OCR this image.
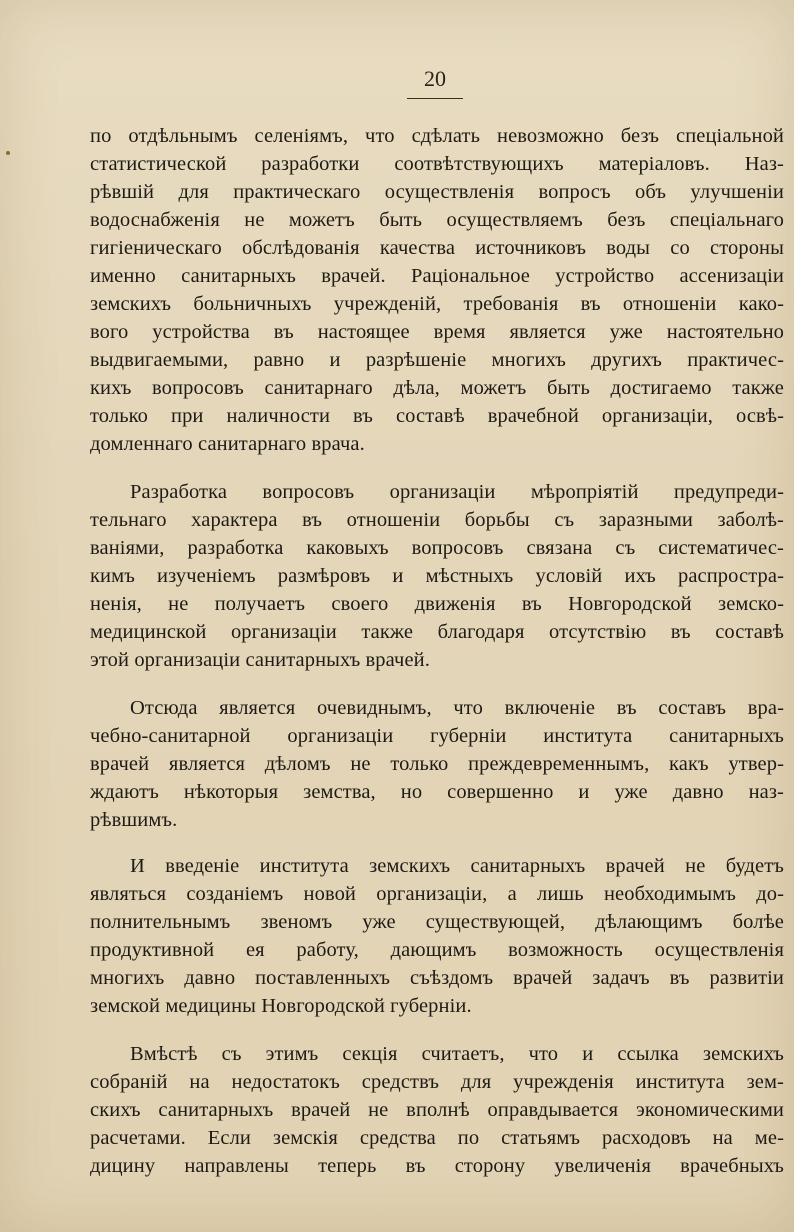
20
по отдѣльнымъ селеніямъ, что сдѣлать невозможно безъ спеціальной
статистической разработки соотвѣтствующихъ матеріаловъ. Наз-
рѣвшій для практическаго осуществленія вопросъ объ улучшеніи
водоснабженія не можетъ быть осуществляемъ безъ спеціальнаго
гигіеническаго обслѣдованія качества источниковъ воды со стороны
именно санитарныхъ врачей. Раціональное устройство ассенизаціи
земскихъ больничныхъ учрежденій, требованія въ отношеніи како-
вого устройства въ настоящее время является уже настоятельно
выдвигаемыми, равно и разрѣшеніе многихъ другихъ практичес-
кихъ вопросовъ санитарнаго дѣла, можетъ быть достигаемо также
только при наличности въ составѣ врачебной организаціи, освѣ-
домленнаго санитарнаго врача.
Разработка вопросовъ организаціи мѣропріятій предупреди-
тельнаго характера въ отношеніи борьбы съ заразными заболѣ-
ваніями, разработка каковыхъ вопросовъ связана съ систематичес-
кимъ изученіемъ размѣровъ и мѣстныхъ условій ихъ распростра-
ненія, не получаетъ своего движенія въ Новгородской земско-
медицинской организаціи также благодаря отсутствію въ составѣ
этой организаціи санитарныхъ врачей.
Отсюда является очевиднымъ, что включеніе въ составъ вра-
чебно-санитарной организаціи губерніи института санитарныхъ
врачей является дѣломъ не только преждевременнымъ, какъ утвер-
ждаютъ нѣкоторыя земства, но совершенно и уже давно наз-
рѣвшимъ.
И введеніе института земскихъ санитарныхъ врачей не будетъ
являться созданіемъ новой организаціи, а лишь необходимымъ до-
полнительнымъ звеномъ уже существующей, дѣлающимъ болѣе
продуктивной ея работу, дающимъ возможность осуществленія
многихъ давно поставленныхъ съѣздомъ врачей задачъ въ развитіи
земской медицины Новгородской губерніи.
Вмѣстѣ съ этимъ секція считаетъ, что и ссылка земскихъ
собраній на недостатокъ средствъ для учрежденія института зем-
скихъ санитарныхъ врачей не вполнѣ оправдывается экономическими
расчетами. Если земскія средства по статьямъ расходовъ на ме-
дицину направлены теперь въ сторону увеличенія врачебныхъ
